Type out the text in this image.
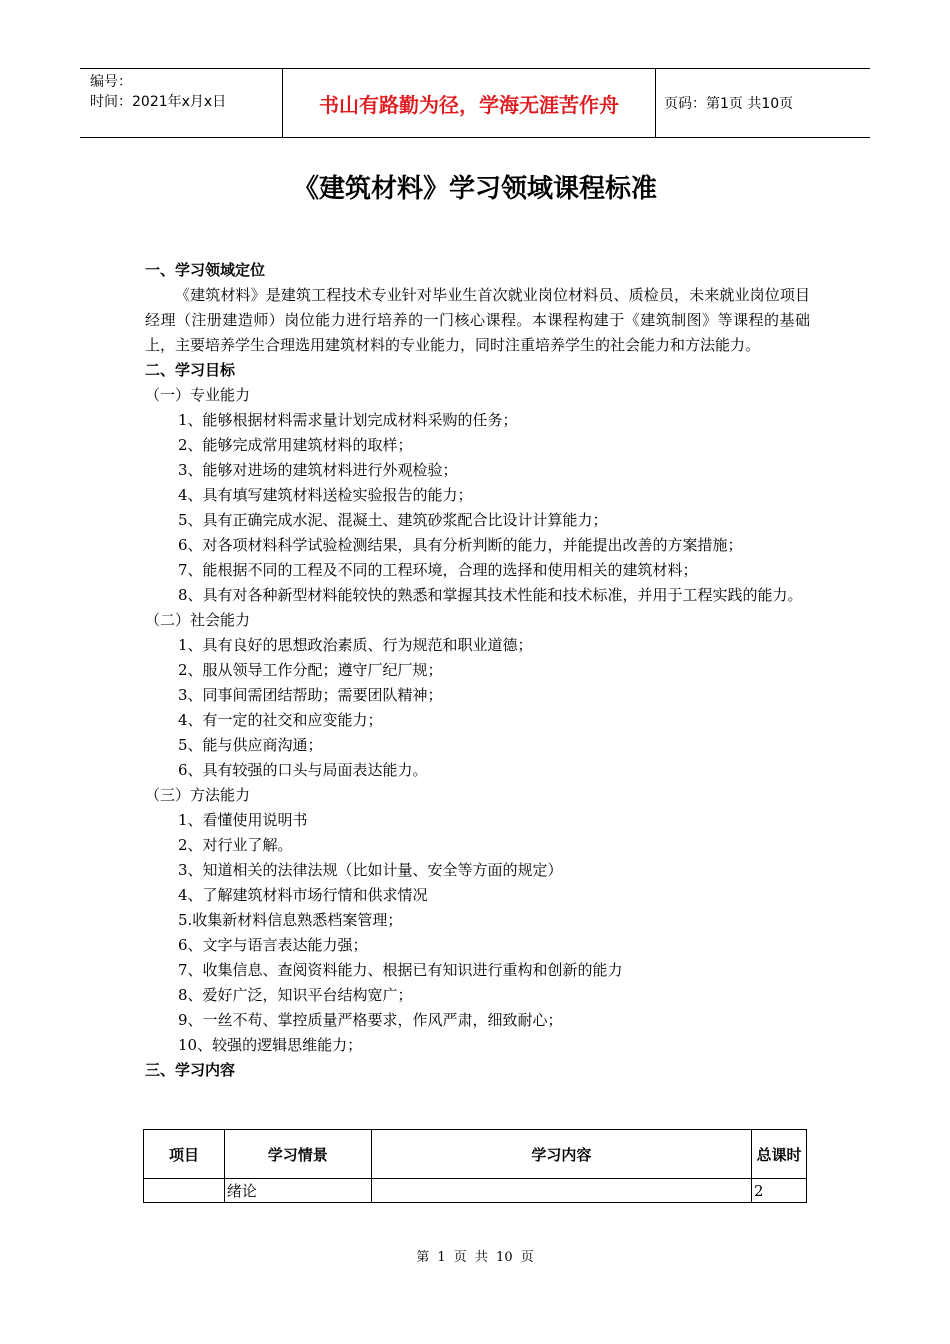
编号：
时间：2021年x月x日	书山有路勤为径，学海无涯苦作舟	页码：第1页 共10页
《建筑材料》学习领域课程标准
一、学习领域定位
《建筑材料》是建筑工程技术专业针对毕业生首次就业岗位材料员、质检员，未来就业岗位项目经理（注册建造师）岗位能力进行培养的一门核心课程。本课程构建于《建筑制图》等课程的基础上，主要培养学生合理选用建筑材料的专业能力，同时注重培养学生的社会能力和方法能力。
二、学习目标
（一）专业能力
1、能够根据材料需求量计划完成材料采购的任务；
2、能够完成常用建筑材料的取样；
3、能够对进场的建筑材料进行外观检验；
4、具有填写建筑材料送检实验报告的能力；
5、具有正确完成水泥、混凝土、建筑砂浆配合比设计计算能力；
6、对各项材料科学试验检测结果，具有分析判断的能力，并能提出改善的方案措施；
7、能根据不同的工程及不同的工程环境，合理的选择和使用相关的建筑材料；
8、具有对各种新型材料能较快的熟悉和掌握其技术性能和技术标准，并用于工程实践的能力。
（二）社会能力
1、具有良好的思想政治素质、行为规范和职业道德；
2、服从领导工作分配；遵守厂纪厂规；
3、同事间需团结帮助；需要团队精神；
4、有一定的社交和应变能力；
5、能与供应商沟通；
6、具有较强的口头与局面表达能力。
（三）方法能力
1、看懂使用说明书
2、对行业了解。
3、知道相关的法律法规（比如计量、安全等方面的规定）
4、了解建筑材料市场行情和供求情况
5.收集新材料信息熟悉档案管理；
6、文字与语言表达能力强；
7、收集信息、查阅资料能力、根据已有知识进行重构和创新的能力
8、爱好广泛，知识平台结构宽广；
9、一丝不苟、掌控质量严格要求，作风严肃，细致耐心；
10、较强的逻辑思维能力；
三、学习内容
项目	学习情景	学习内容	总课时
	绪论		2
第 1 页 共 10 页
